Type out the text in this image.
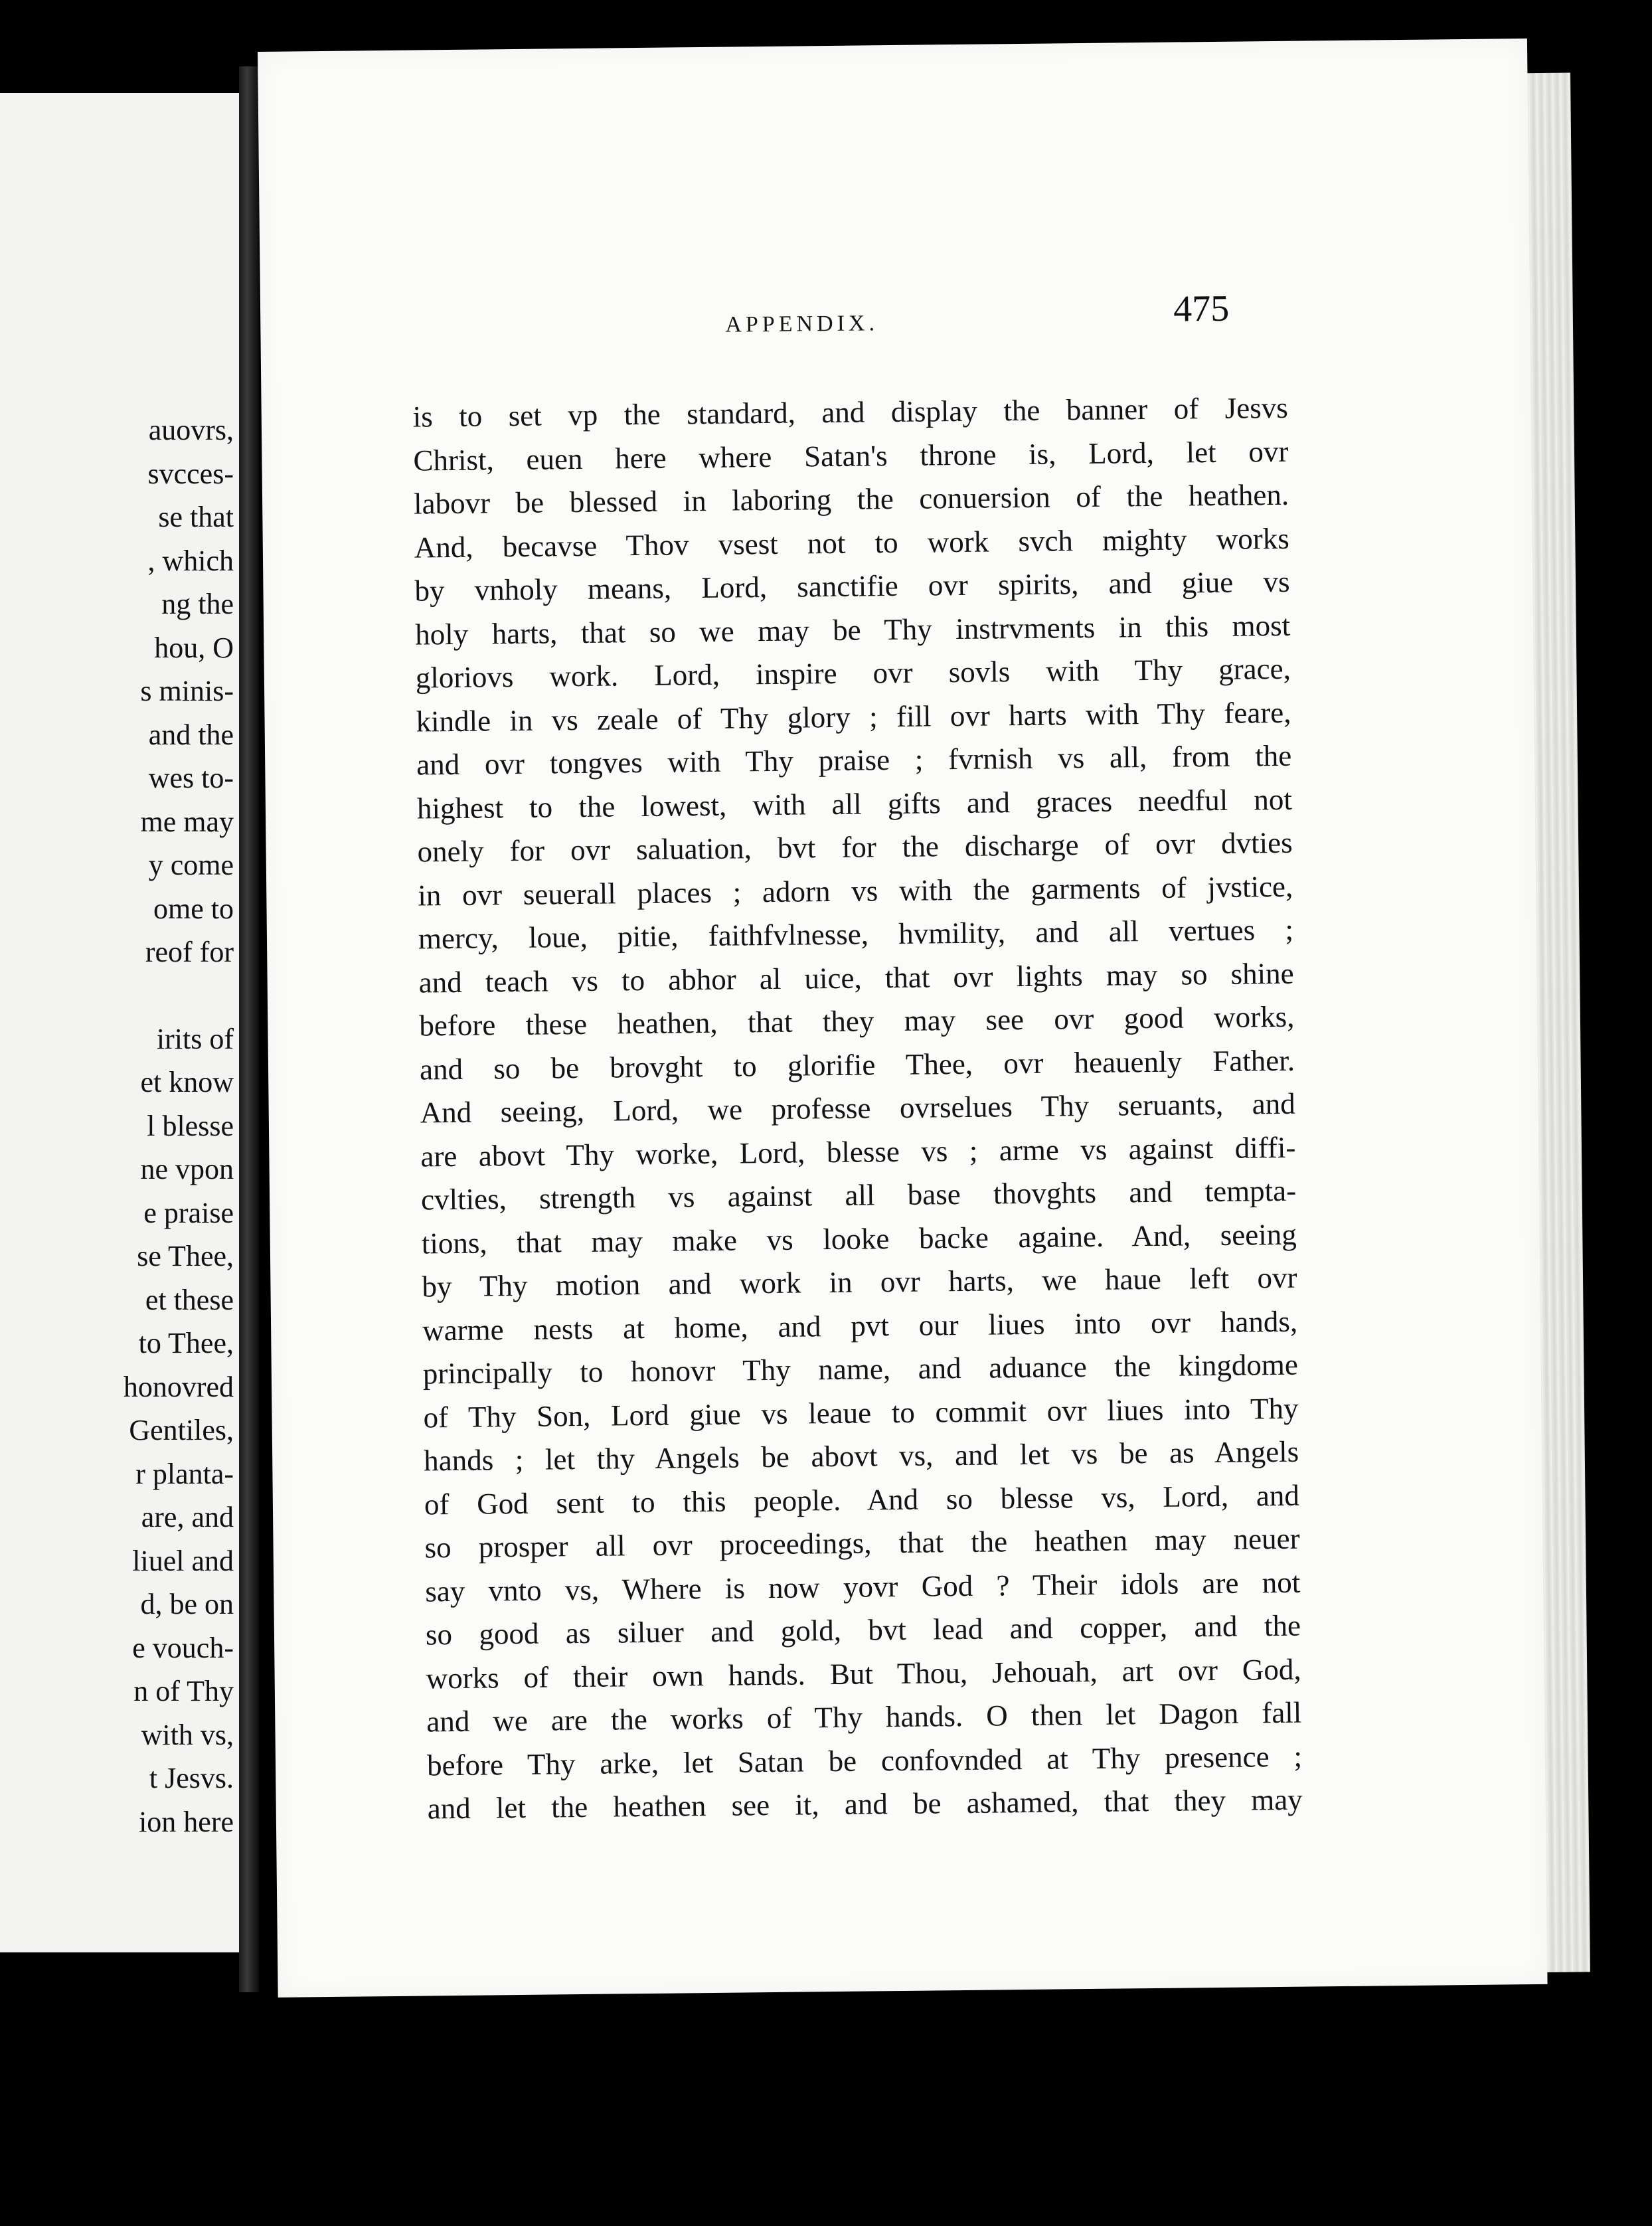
auovrs,
svcces-
se that
, which
ng the
hou, O
s minis-
and the
wes to-
me may
y come
ome to
reof for
irits of
et know
l blesse
ne vpon
e praise
se Thee,
et these
to Thee,
honovred
Gentiles,
r planta-
are, and
liuel and
d, be on
e vouch-
n of Thy
with vs,
t Jesvs.
ion here
APPENDIX.	475
is to set vp the standard, and display the banner of Jesvs
Christ, euen here where Satan's throne is, Lord, let ovr
labovr be blessed in laboring the conuersion of the heathen.
And, becavse Thov vsest not to work svch mighty works
by vnholy means, Lord, sanctifie ovr spirits, and giue vs
holy harts, that so we may be Thy instrvments in this most
gloriovs work. Lord, inspire ovr sovls with Thy grace,
kindle in vs zeale of Thy glory ; fill ovr harts with Thy feare,
and ovr tongves with Thy praise ; fvrnish vs all, from the
highest to the lowest, with all gifts and graces needful not
onely for ovr saluation, bvt for the discharge of ovr dvties
in ovr seuerall places ; adorn vs with the garments of jvstice,
mercy, loue, pitie, faithfvlnesse, hvmility, and all vertues ;
and teach vs to abhor al uice, that ovr lights may so shine
before these heathen, that they may see ovr good works,
and so be brovght to glorifie Thee, ovr heauenly Father.
And seeing, Lord, we professe ovrselues Thy seruants, and
are abovt Thy worke, Lord, blesse vs ; arme vs against diffi-
cvlties, strength vs against all base thovghts and tempta-
tions, that may make vs looke backe againe. And, seeing
by Thy motion and work in ovr harts, we haue left ovr
warme nests at home, and pvt our liues into ovr hands,
principally to honovr Thy name, and aduance the kingdome
of Thy Son, Lord giue vs leaue to commit ovr liues into Thy
hands ; let thy Angels be abovt vs, and let vs be as Angels
of God sent to this people. And so blesse vs, Lord, and
so prosper all ovr proceedings, that the heathen may neuer
say vnto vs, Where is now yovr God ? Their idols are not
so good as siluer and gold, bvt lead and copper, and the
works of their own hands. But Thou, Jehouah, art ovr God,
and we are the works of Thy hands. O then let Dagon fall
before Thy arke, let Satan be confovnded at Thy presence ;
and let the heathen see it, and be ashamed, that they may
